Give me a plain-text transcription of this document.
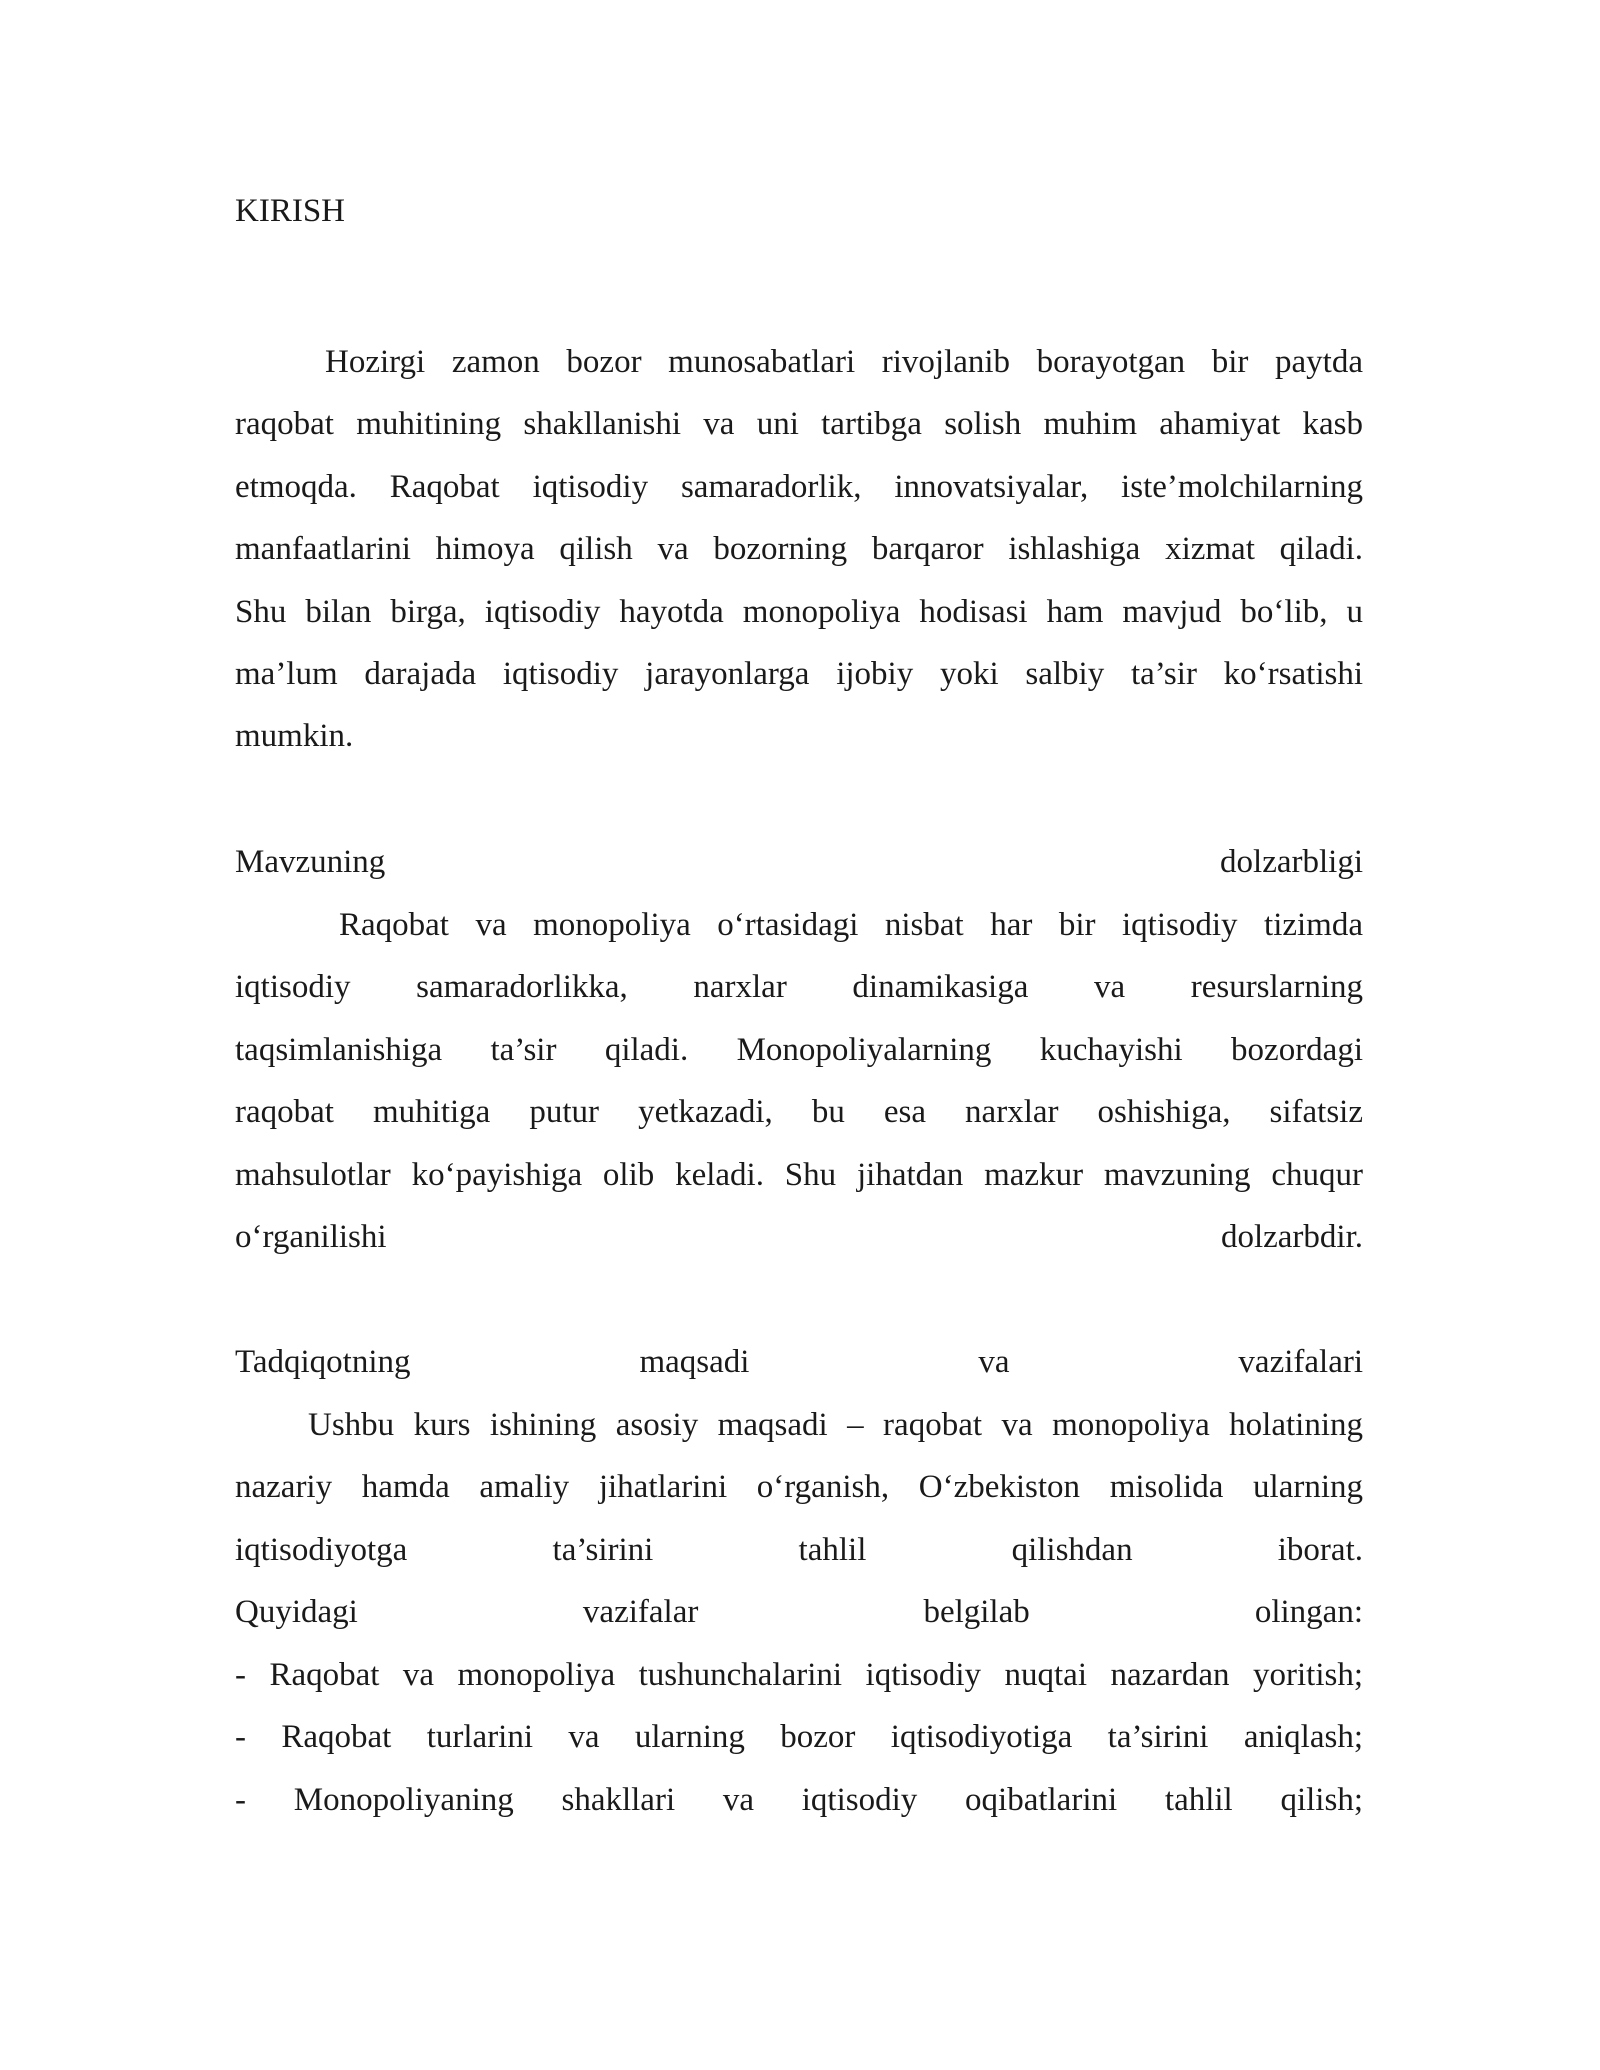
KIRISH
Hozirgi zamon bozor munosabatlari rivojlanib borayotgan bir paytda
raqobat muhitining shakllanishi va uni tartibga solish muhim ahamiyat kasb
etmoqda. Raqobat iqtisodiy samaradorlik, innovatsiyalar, iste’molchilarning
manfaatlarini himoya qilish va bozorning barqaror ishlashiga xizmat qiladi.
Shu bilan birga, iqtisodiy hayotda monopoliya hodisasi ham mavjud bo‘lib, u
ma’lum darajada iqtisodiy jarayonlarga ijobiy yoki salbiy ta’sir ko‘rsatishi
mumkin.
Mavzuning dolzarbligi
Raqobat va monopoliya o‘rtasidagi nisbat har bir iqtisodiy tizimda
iqtisodiy samaradorlikka, narxlar dinamikasiga va resurslarning
taqsimlanishiga ta’sir qiladi. Monopoliyalarning kuchayishi bozordagi
raqobat muhitiga putur yetkazadi, bu esa narxlar oshishiga, sifatsiz
mahsulotlar ko‘payishiga olib keladi. Shu jihatdan mazkur mavzuning chuqur
o‘rganilishi dolzarbdir.
Tadqiqotning maqsadi va vazifalari
Ushbu kurs ishining asosiy maqsadi – raqobat va monopoliya holatining
nazariy hamda amaliy jihatlarini o‘rganish, O‘zbekiston misolida ularning
iqtisodiyotga ta’sirini tahlil qilishdan iborat.
Quyidagi vazifalar belgilab olingan:
- Raqobat va monopoliya tushunchalarini iqtisodiy nuqtai nazardan yoritish;
- Raqobat turlarini va ularning bozor iqtisodiyotiga ta’sirini aniqlash;
- Monopoliyaning shakllari va iqtisodiy oqibatlarini tahlil qilish;
